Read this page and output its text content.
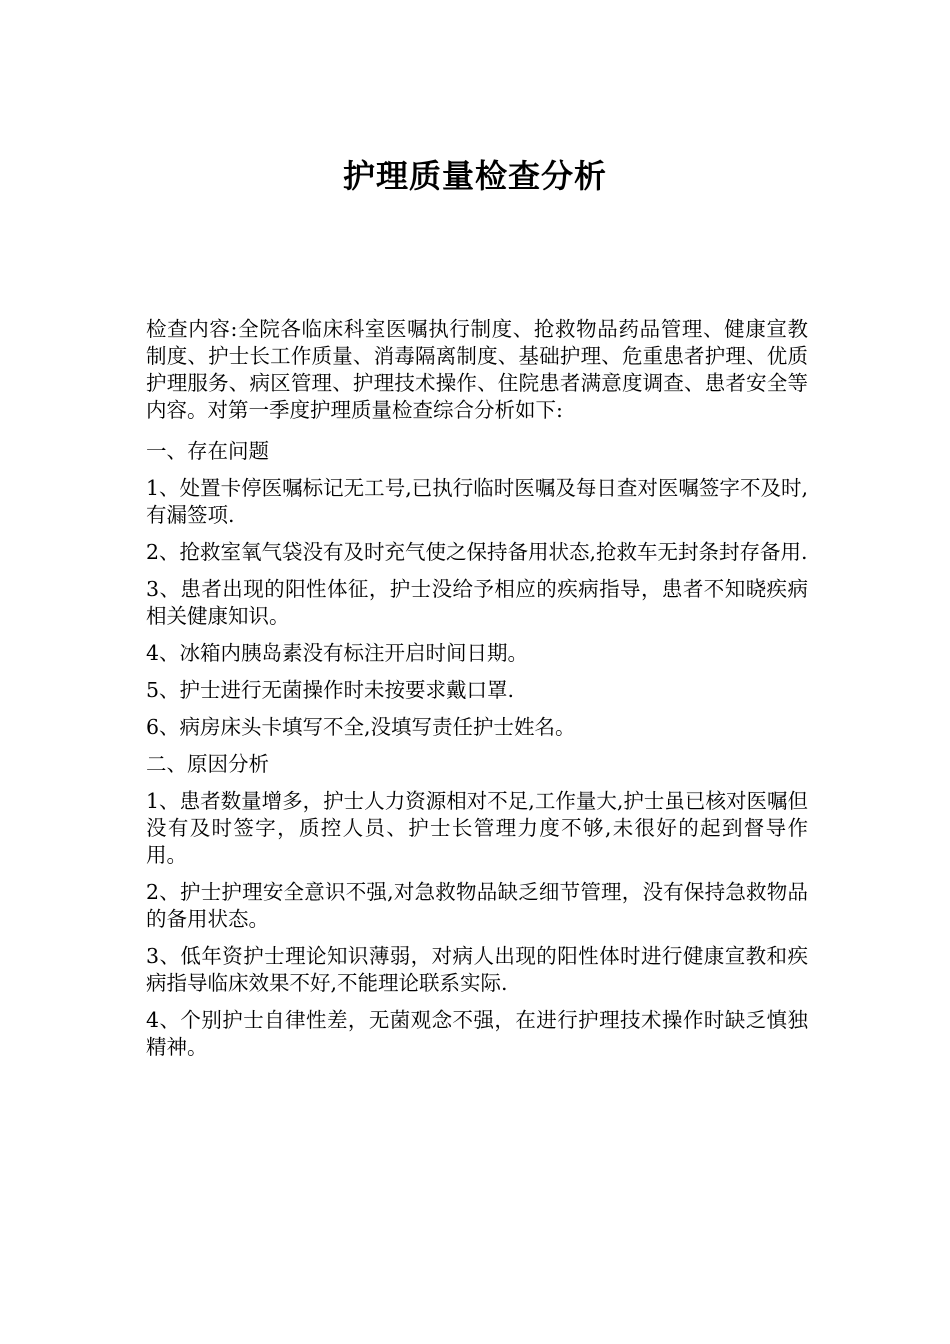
护理质量检查分析

检查内容:全院各临床科室医嘱执行制度、抢救物品药品管理、健康宣教制度、护士长工作质量、消毒隔离制度、基础护理、危重患者护理、优质护理服务、病区管理、护理技术操作、住院患者满意度调查、患者安全等内容。对第一季度护理质量检查综合分析如下:

一、存在问题

1、处置卡停医嘱标记无工号,已执行临时医嘱及每日查对医嘱签字不及时,有漏签项.

2、抢救室氧气袋没有及时充气使之保持备用状态,抢救车无封条封存备用.

3、患者出现的阳性体征，护士没给予相应的疾病指导，患者不知晓疾病相关健康知识。

4、冰箱内胰岛素没有标注开启时间日期。

5、护士进行无菌操作时未按要求戴口罩.

6、病房床头卡填写不全,没填写责任护士姓名。

二、原因分析

1、患者数量增多，护士人力资源相对不足,工作量大,护士虽已核对医嘱但没有及时签字，质控人员、护士长管理力度不够,未很好的起到督导作用。

2、护士护理安全意识不强,对急救物品缺乏细节管理，没有保持急救物品的备用状态。

3、低年资护士理论知识薄弱，对病人出现的阳性体时进行健康宣教和疾病指导临床效果不好,不能理论联系实际.

4、个别护士自律性差，无菌观念不强，在进行护理技术操作时缺乏慎独精神。
